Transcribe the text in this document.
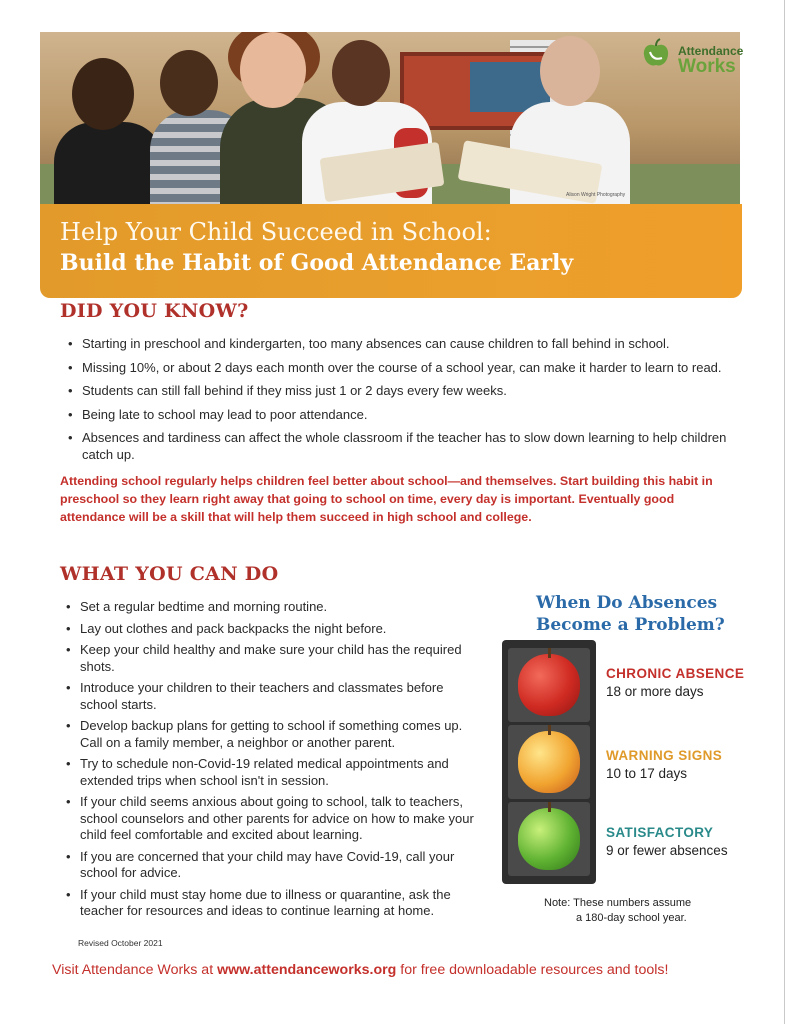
Alison Wright Photography
Attendance
Works
Help Your Child Succeed in School:
Build the Habit of Good Attendance Early
DID YOU KNOW?
• Starting in preschool and kindergarten, too many absences can cause children to fall behind in school.
• Missing 10%, or about 2 days each month over the course of a school year, can make it harder to learn to read.
• Students can still fall behind if they miss just 1 or 2 days every few weeks.
• Being late to school may lead to poor attendance.
• Absences and tardiness can affect the whole classroom if the teacher has to slow down learning to help children catch up.
Attending school regularly helps children feel better about school—and themselves. Start building this habit in preschool so they learn right away that going to school on time, every day is important. Eventually good attendance will be a skill that will help them succeed in high school and college.
WHAT YOU CAN DO
• Set a regular bedtime and morning routine.
• Lay out clothes and pack backpacks the night before.
• Keep your child healthy and make sure your child has the required shots.
• Introduce your children to their teachers and classmates before school starts.
• Develop backup plans for getting to school if something comes up. Call on a family member, a neighbor or another parent.
• Try to schedule non-Covid-19 related medical appointments and extended trips when school isn't in session.
• If your child seems anxious about going to school, talk to teachers, school counselors and other parents for advice on how to make your child feel comfortable and excited about learning.
• If you are concerned that your child may have Covid-19, call your school for advice.
• If your child must stay home due to illness or quarantine, ask the teacher for resources and ideas to continue learning at home.
When Do Absences
Become a Problem?
CHRONIC ABSENCE
18 or more days
WARNING SIGNS
10 to 17 days
SATISFACTORY
9 or fewer absences
Note: These numbers assume
a 180-day school year.
Revised October 2021
Visit Attendance Works at www.attendanceworks.org for free downloadable resources and tools!
